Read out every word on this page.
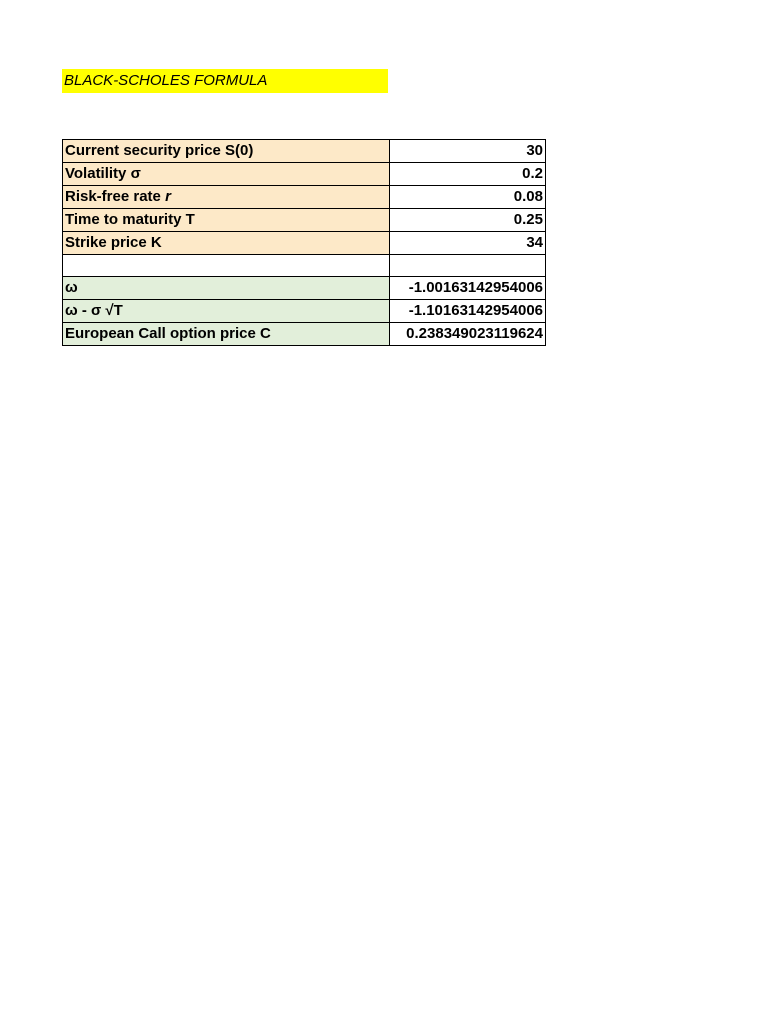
BLACK-SCHOLES FORMULA
Current security price S(0)	30
Volatility σ	0.2
Risk-free rate r	0.08
Time to maturity T	0.25
Strike price K	34

ω	-1.00163142954006
ω - σ √T	-1.10163142954006
European Call option price C	0.238349023119624
